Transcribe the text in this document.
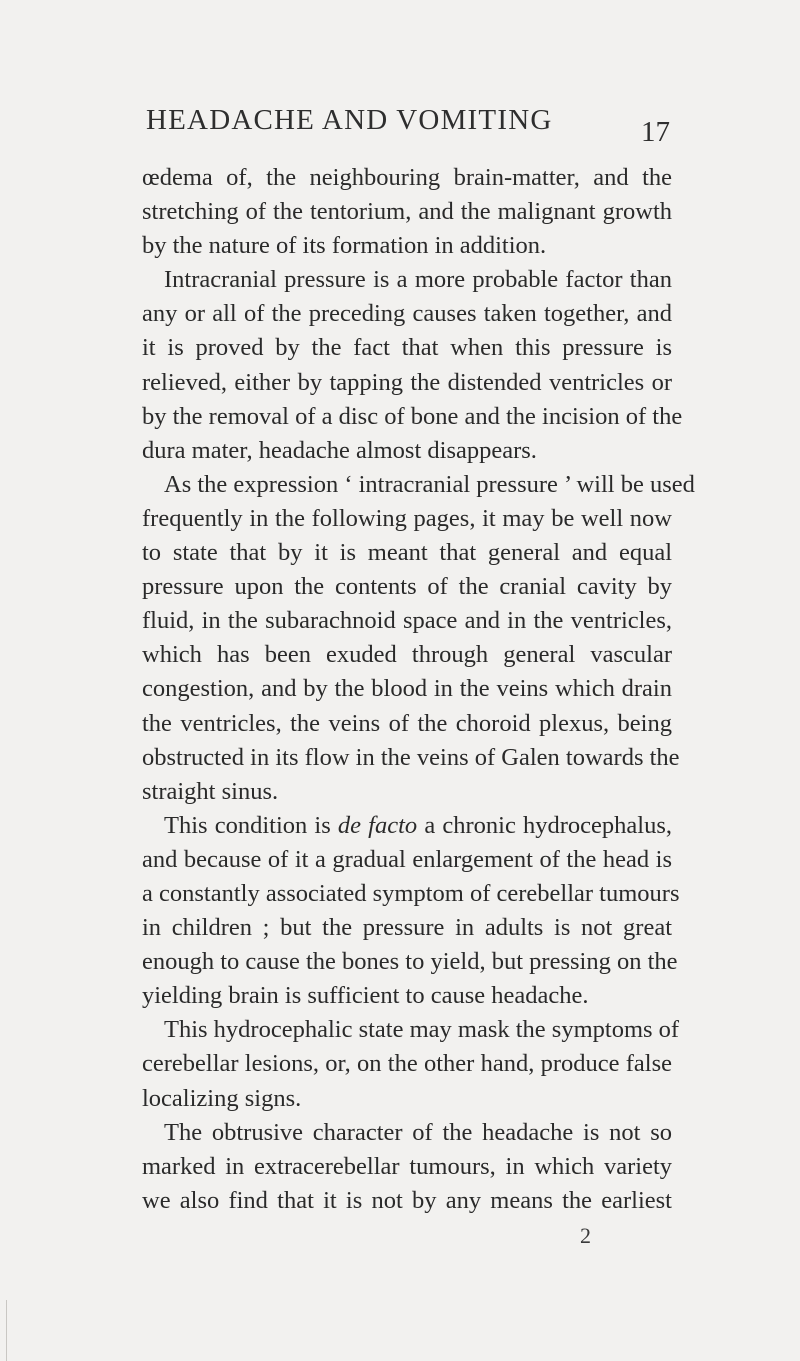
HEADACHE AND VOMITING	17
œdema of, the neighbouring brain-matter, and the
stretching of the tentorium, and the malignant growth
by the nature of its formation in addition.
Intracranial pressure is a more probable factor than
any or all of the preceding causes taken together, and
it is proved by the fact that when this pressure is
relieved, either by tapping the distended ventricles or
by the removal of a disc of bone and the incision of the
dura mater, headache almost disappears.
As the expression ‘ intracranial pressure ’ will be used
frequently in the following pages, it may be well now
to state that by it is meant that general and equal
pressure upon the contents of the cranial cavity by
fluid, in the subarachnoid space and in the ventricles,
which has been exuded through general vascular
congestion, and by the blood in the veins which drain
the ventricles, the veins of the choroid plexus, being
obstructed in its flow in the veins of Galen towards the
straight sinus.
This condition is de facto a chronic hydrocephalus,
and because of it a gradual enlargement of the head is
a constantly associated symptom of cerebellar tumours
in children ; but the pressure in adults is not great
enough to cause the bones to yield, but pressing on the
yielding brain is sufficient to cause headache.
This hydrocephalic state may mask the symptoms of
cerebellar lesions, or, on the other hand, produce false
localizing signs.
The obtrusive character of the headache is not so
marked in extracerebellar tumours, in which variety
we also find that it is not by any means the earliest
2
